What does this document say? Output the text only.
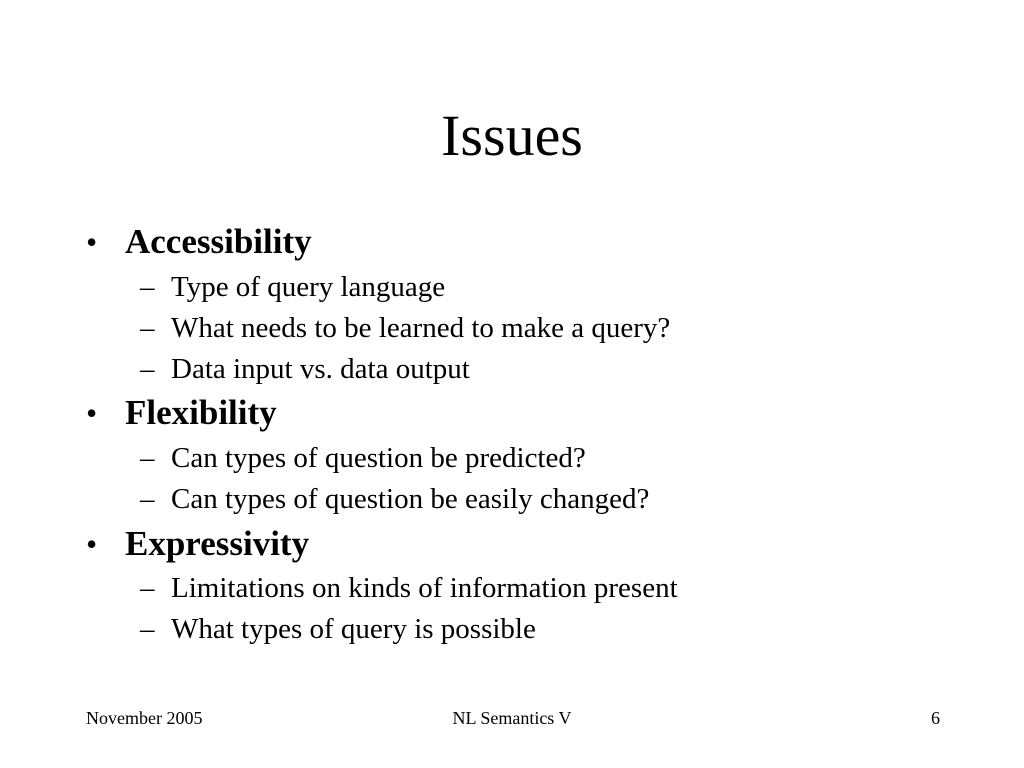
Issues
• Accessibility
– Type of query language
– What needs to be learned to make a query?
– Data input vs. data output
• Flexibility
– Can types of question be predicted?
– Can types of question be easily changed?
• Expressivity
– Limitations on kinds of information present
– What types of query is possible
November 2005	NL Semantics V	6
